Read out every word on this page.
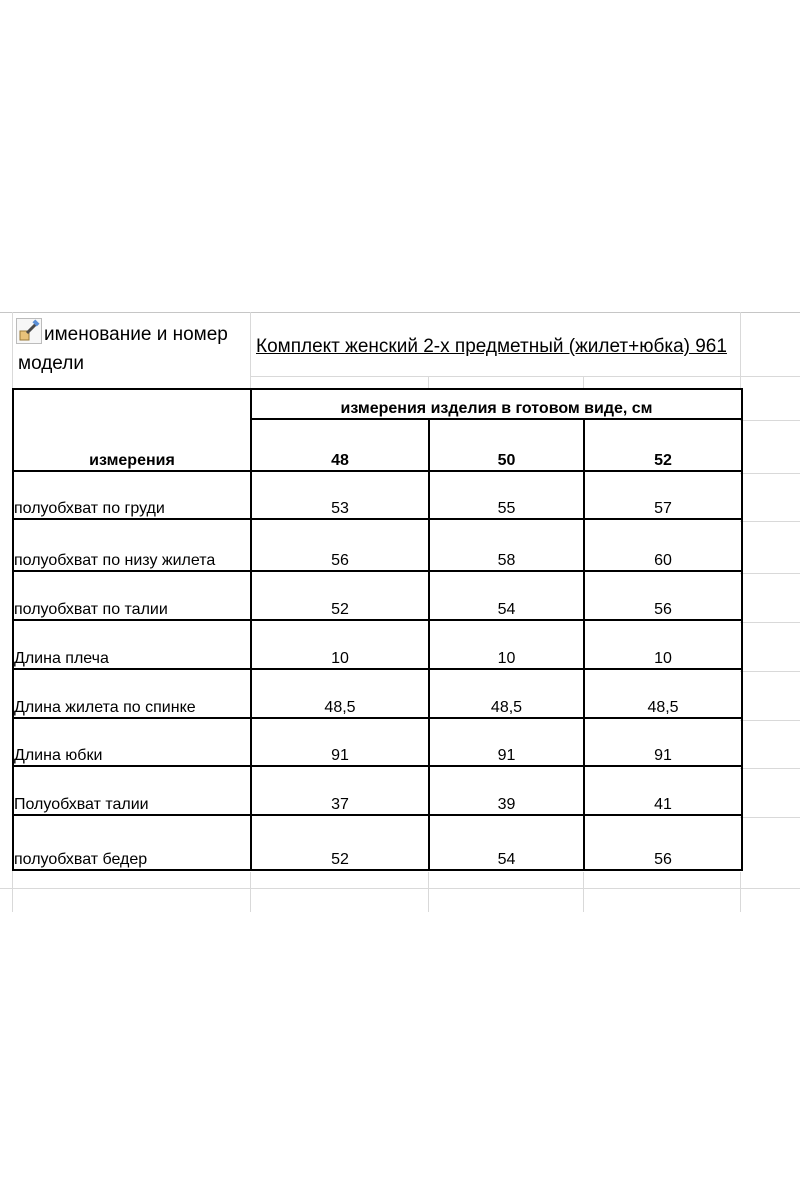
именование и номер модели
Комплект женский 2-х предметный (жилет+юбка) 961
измерения	измерения изделия в готовом виде, см		
	48	50	52
полуобхват по груди	53	55	57
полуобхват по низу жилета	56	58	60
полуобхват по талии	52	54	56
Длина плеча	10	10	10
Длина жилета по спинке	48,5	48,5	48,5
Длина юбки	91	91	91
Полуобхват талии	37	39	41
полуобхват бедер	52	54	56
